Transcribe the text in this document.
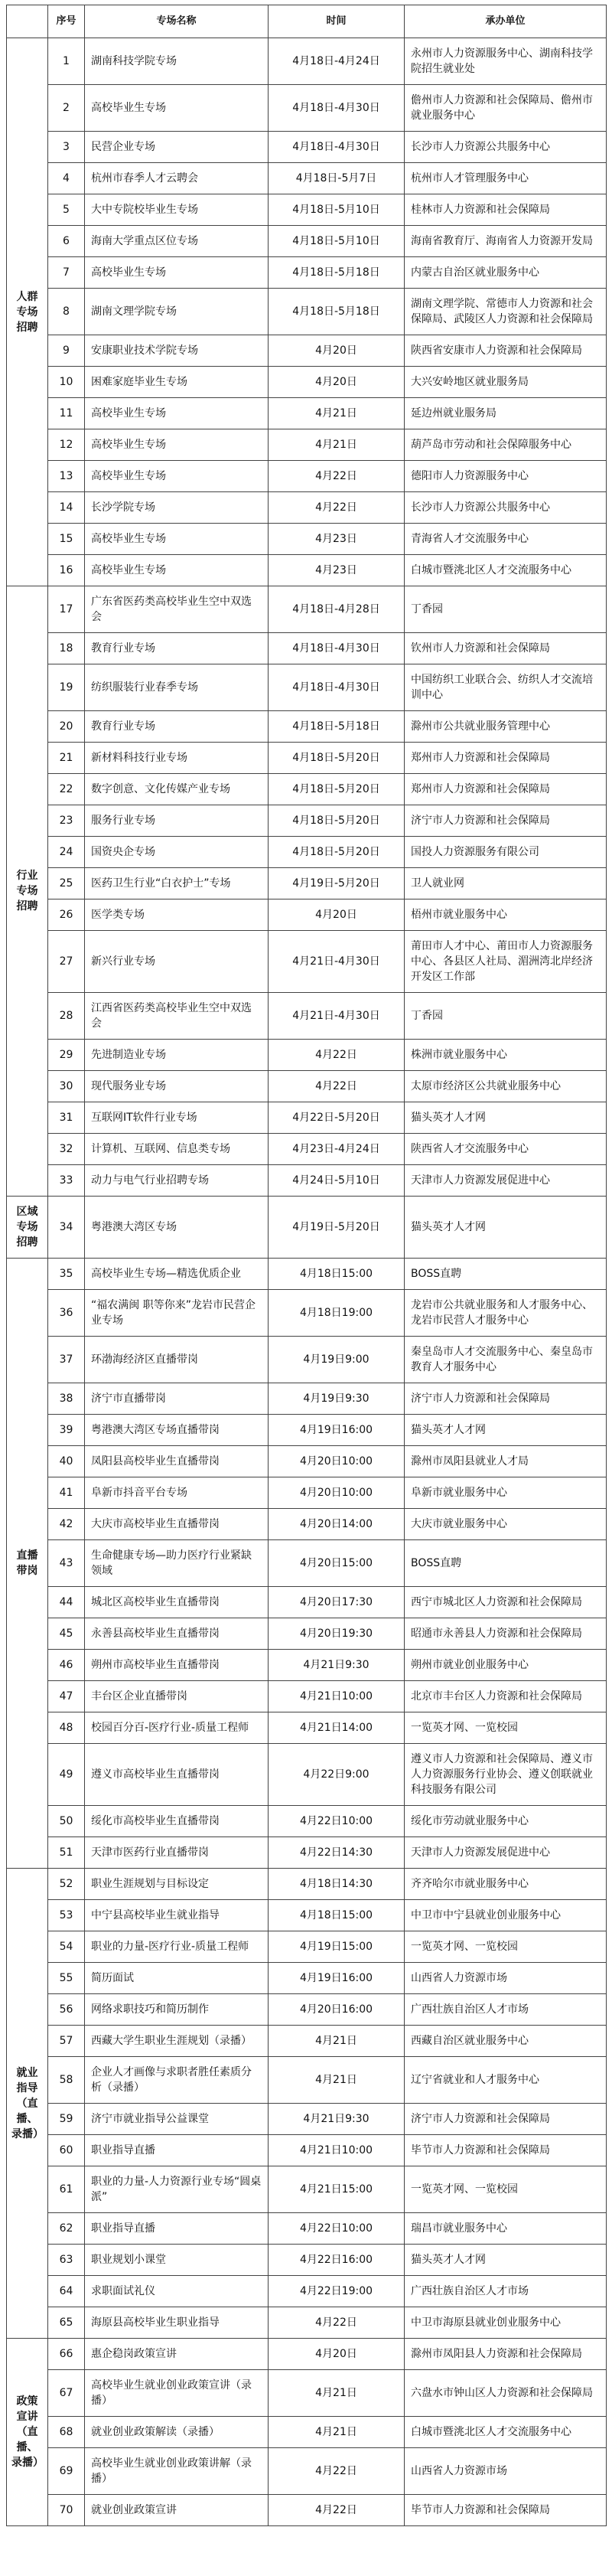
	序号	专场名称	时间	承办单位
人群专场招聘	1	湖南科技学院专场	4月18日-4月24日	永州市人力资源服务中心、湖南科技学院招生就业处
	2	高校毕业生专场	4月18日-4月30日	儋州市人力资源和社会保障局、儋州市就业服务中心
	3	民营企业专场	4月18日-4月30日	长沙市人力资源公共服务中心
	4	杭州市春季人才云聘会	4月18日-5月7日	杭州市人才管理服务中心
	5	大中专院校毕业生专场	4月18日-5月10日	桂林市人力资源和社会保障局
	6	海南大学重点区位专场	4月18日-5月10日	海南省教育厅、海南省人力资源开发局
	7	高校毕业生专场	4月18日-5月18日	内蒙古自治区就业服务中心
	8	湖南文理学院专场	4月18日-5月18日	湖南文理学院、常德市人力资源和社会保障局、武陵区人力资源和社会保障局
	9	安康职业技术学院专场	4月20日	陕西省安康市人力资源和社会保障局
	10	困难家庭毕业生专场	4月20日	大兴安岭地区就业服务局
	11	高校毕业生专场	4月21日	延边州就业服务局
	12	高校毕业生专场	4月21日	葫芦岛市劳动和社会保障服务中心
	13	高校毕业生专场	4月22日	德阳市人力资源服务中心
	14	长沙学院专场	4月22日	长沙市人力资源公共服务中心
	15	高校毕业生专场	4月23日	青海省人才交流服务中心
	16	高校毕业生专场	4月23日	白城市暨洮北区人才交流服务中心
行业专场招聘	17	广东省医药类高校毕业生空中双选会	4月18日-4月28日	丁香园
	18	教育行业专场	4月18日-4月30日	钦州市人力资源和社会保障局
	19	纺织服装行业春季专场	4月18日-4月30日	中国纺织工业联合会、纺织人才交流培训中心
	20	教育行业专场	4月18日-5月18日	滁州市公共就业服务管理中心
	21	新材料科技行业专场	4月18日-5月20日	郑州市人力资源和社会保障局
	22	数字创意、文化传媒产业专场	4月18日-5月20日	郑州市人力资源和社会保障局
	23	服务行业专场	4月18日-5月20日	济宁市人力资源和社会保障局
	24	国资央企专场	4月18日-5月20日	国投人力资源服务有限公司
	25	医药卫生行业“白衣护士”专场	4月19日-5月20日	卫人就业网
	26	医学类专场	4月20日	梧州市就业服务中心
	27	新兴行业专场	4月21日-4月30日	莆田市人才中心、莆田市人力资源服务中心、各县区人社局、湄洲湾北岸经济开发区工作部
	28	江西省医药类高校毕业生空中双选会	4月21日-4月30日	丁香园
	29	先进制造业专场	4月22日	株洲市就业服务中心
	30	现代服务业专场	4月22日	太原市经济区公共就业服务中心
	31	互联网IT软件行业专场	4月22日-5月20日	猫头英才人才网
	32	计算机、互联网、信息类专场	4月23日-4月24日	陕西省人才交流服务中心
	33	动力与电气行业招聘专场	4月24日-5月10日	天津市人力资源发展促进中心
区域专场招聘	34	粤港澳大湾区专场	4月19日-5月20日	猫头英才人才网
直播带岗	35	高校毕业生专场—精选优质企业	4月18日15:00	BOSS直聘
	36	“福农满闽 职等你来”龙岩市民营企业专场	4月18日19:00	龙岩市公共就业服务和人才服务中心、龙岩市民营人才服务中心
	37	环渤海经济区直播带岗	4月19日9:00	秦皇岛市人才交流服务中心、秦皇岛市教育人才服务中心
	38	济宁市直播带岗	4月19日9:30	济宁市人力资源和社会保障局
	39	粤港澳大湾区专场直播带岗	4月19日16:00	猫头英才人才网
	40	凤阳县高校毕业生直播带岗	4月20日10:00	滁州市凤阳县就业人才局
	41	阜新市抖音平台专场	4月20日10:00	阜新市就业服务中心
	42	大庆市高校毕业生直播带岗	4月20日14:00	大庆市就业服务中心
	43	生命健康专场—助力医疗行业紧缺领域	4月20日15:00	BOSS直聘
	44	城北区高校毕业生直播带岗	4月20日17:30	西宁市城北区人力资源和社会保障局
	45	永善县高校毕业生直播带岗	4月20日19:30	昭通市永善县人力资源和社会保障局
	46	朔州市高校毕业生直播带岗	4月21日9:30	朔州市就业创业服务中心
	47	丰台区企业直播带岗	4月21日10:00	北京市丰台区人力资源和社会保障局
	48	校园百分百-医疗行业-质量工程师	4月21日14:00	一览英才网、一览校园
	49	遵义市高校毕业生直播带岗	4月22日9:00	遵义市人力资源和社会保障局、遵义市人力资源服务行业协会、遵义创联就业科技服务有限公司
	50	绥化市高校毕业生直播带岗	4月22日10:00	绥化市劳动就业服务中心
	51	天津市医药行业直播带岗	4月22日14:30	天津市人力资源发展促进中心
就业指导（直播、录播）	52	职业生涯规划与目标设定	4月18日14:30	齐齐哈尔市就业服务中心
	53	中宁县高校毕业生就业指导	4月18日15:00	中卫市中宁县就业创业服务中心
	54	职业的力量-医疗行业-质量工程师	4月19日15:00	一览英才网、一览校园
	55	简历面试	4月19日16:00	山西省人力资源市场
	56	网络求职技巧和简历制作	4月20日16:00	广西壮族自治区人才市场
	57	西藏大学生职业生涯规划（录播）	4月21日	西藏自治区就业服务中心
	58	企业人才画像与求职者胜任素质分析（录播）	4月21日	辽宁省就业和人才服务中心
	59	济宁市就业指导公益课堂	4月21日9:30	济宁市人力资源和社会保障局
	60	职业指导直播	4月21日10:00	毕节市人力资源和社会保障局
	61	职业的力量-人力资源行业专场“圆桌派”	4月21日15:00	一览英才网、一览校园
	62	职业指导直播	4月22日10:00	瑞昌市就业服务中心
	63	职业规划小课堂	4月22日16:00	猫头英才人才网
	64	求职面试礼仪	4月22日19:00	广西壮族自治区人才市场
	65	海原县高校毕业生职业指导	4月22日	中卫市海原县就业创业服务中心
政策宣讲（直播、录播）	66	惠企稳岗政策宣讲	4月20日	滁州市凤阳县人力资源和社会保障局
	67	高校毕业生就业创业政策宣讲（录播）	4月21日	六盘水市钟山区人力资源和社会保障局
	68	就业创业政策解读（录播）	4月21日	白城市暨洮北区人才交流服务中心
	69	高校毕业生就业创业政策讲解（录播）	4月22日	山西省人力资源市场
	70	就业创业政策宣讲	4月22日	毕节市人力资源和社会保障局
